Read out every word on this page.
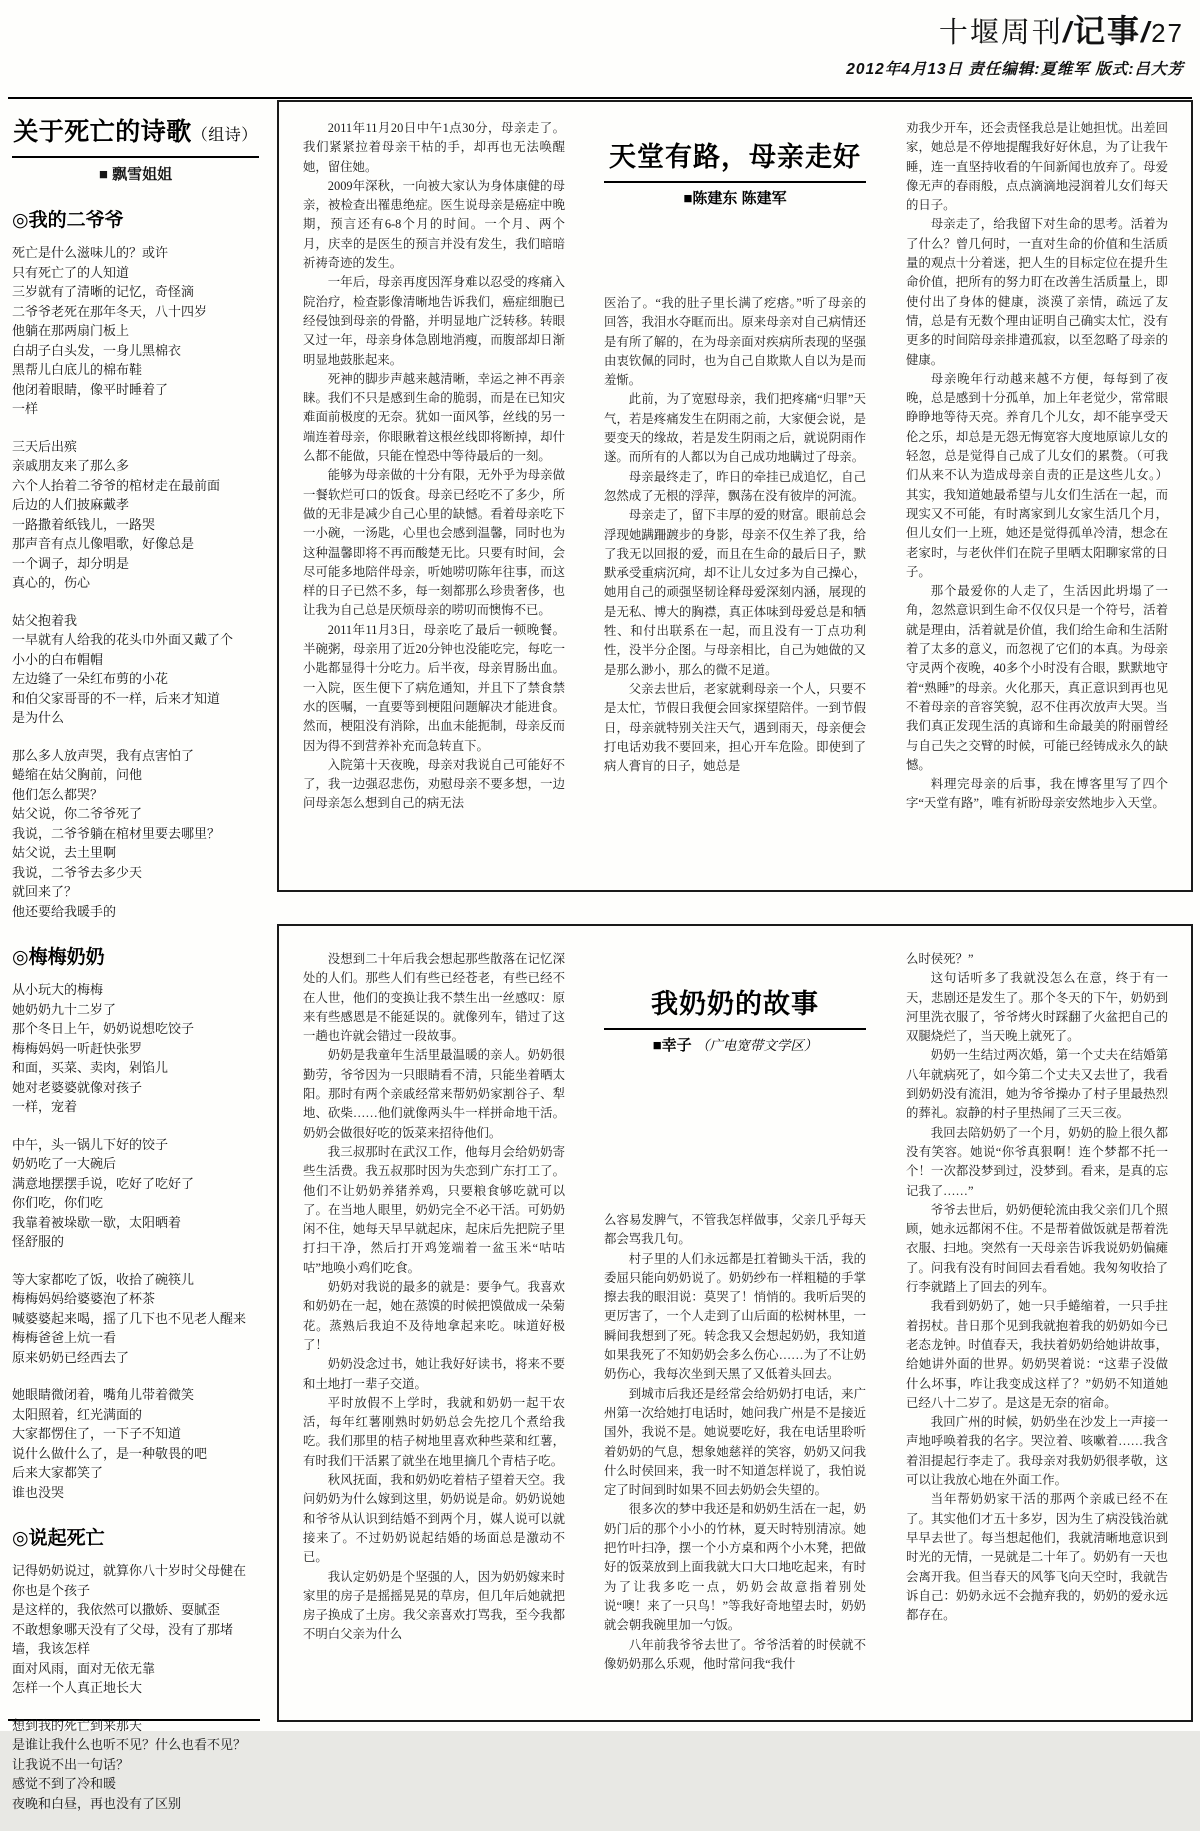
十堰周刊/记事/27
2012年4月13日 责任编辑:夏维军 版式:吕大芳
关于死亡的诗歌（组诗）
■ 飘雪姐姐
◎我的二爷爷
死亡是什么滋味儿的？或许
只有死亡了的人知道
三岁就有了清晰的记忆，奇怪滴
二爷爷老死在那年冬天，八十四岁
他躺在那两扇门板上
白胡子白头发，一身儿黑棉衣
黑帮儿白底儿的棉布鞋
他闭着眼睛，像平时睡着了
一样
三天后出殡
亲戚朋友来了那么多
六个人抬着二爷爷的棺材走在最前面
后边的人们披麻戴孝
一路撒着纸钱儿，一路哭
那声音有点儿像唱歌，好像总是
一个调子，却分明是
真心的，伤心
姑父抱着我
一早就有人给我的花头巾外面又戴了个
小小的白布帽帽
左边缝了一朵红布剪的小花
和伯父家哥哥的不一样，后来才知道
是为什么
那么多人放声哭，我有点害怕了
蜷缩在姑父胸前，问他
他们怎么都哭？
姑父说，你二爷爷死了
我说，二爷爷躺在棺材里要去哪里？
姑父说，去土里啊
我说，二爷爷去多少天
就回来了？
他还要给我暖手的
◎梅梅奶奶
从小玩大的梅梅
她奶奶九十二岁了
那个冬日上午，奶奶说想吃饺子
梅梅妈妈一听赶快张罗
和面，买菜、卖肉，剁馅儿
她对老婆婆就像对孩子
一样，宠着
中午，头一锅儿下好的饺子
奶奶吃了一大碗后
满意地摆摆手说，吃好了吃好了
你们吃，你们吃
我靠着被垛歇一歇，太阳晒着
怪舒服的
等大家都吃了饭，收拾了碗筷儿
梅梅妈妈给婆婆泡了杯茶
喊婆婆起来喝，摇了几下也不见老人醒来
梅梅爸爸上炕一看
原来奶奶已经西去了
她眼睛微闭着，嘴角儿带着微笑
太阳照着，红光满面的
大家都愣住了，一下子不知道
说什么做什么了，是一种敬畏的吧
后来大家都笑了
谁也没哭
◎说起死亡
记得奶奶说过，就算你八十岁时父母健在
你也是个孩子
是这样的，我依然可以撒娇、耍腻歪
不敢想象哪天没有了父母，没有了那堵
墙，我该怎样
面对风雨，面对无依无靠
怎样一个人真正地长大
想到我的死亡到来那天
是谁让我什么也听不见？什么也看不见？
让我说不出一句话？
感觉不到了冷和暖
夜晚和白昼，再也没有了区别

2011年11月20日中午1点30分，母亲走了。我们紧紧拉着母亲干枯的手，却再也无法唤醒她，留住她。

2009年深秋，一向被大家认为身体康健的母亲，被检查出罹患绝症。医生说母亲是癌症中晚期，预言还有6-8个月的时间。一个月、两个月，庆幸的是医生的预言并没有发生，我们暗暗祈祷奇迹的发生。

一年后，母亲再度因浑身难以忍受的疼痛入院治疗，检查影像清晰地告诉我们，癌症细胞已经侵蚀到母亲的骨骼，并明显地广泛转移。转眼又过一年，母亲身体急剧地消瘦，而腹部却日渐明显地鼓胀起来。

死神的脚步声越来越清晰，幸运之神不再亲睐。我们不只是感到生命的脆弱，而是在已知灾难面前极度的无奈。犹如一面风筝，丝线的另一端连着母亲，你眼瞅着这根丝线即将断掉，却什么都不能做，只能在惶恐中等待最后的一刻。

能够为母亲做的十分有限，无外乎为母亲做一餐软烂可口的饭食。母亲已经吃不了多少，所做的无非是减少自己心里的缺憾。看着母亲吃下一小碗，一汤匙，心里也会感到温馨，同时也为这种温馨即将不再而酸楚无比。只要有时间，会尽可能多地陪伴母亲，听她唠叨陈年往事，而这样的日子已然不多，每一刻都那么珍贵奢侈，也让我为自己总是厌烦母亲的唠叨而懊悔不已。

2011年11月3日，母亲吃了最后一顿晚餐。半碗粥，母亲用了近20分钟也没能吃完，每吃一小匙都显得十分吃力。后半夜，母亲胃肠出血。一入院，医生便下了病危通知，并且下了禁食禁水的医嘱，一直要等到梗阻问题解决才能进食。然而，梗阻没有消除，出血未能扼制，母亲反而因为得不到营养补充而急转直下。

入院第十天夜晚，母亲对我说自己可能好不了，我一边强忍悲伤，劝慰母亲不要多想，一边问母亲怎么想到自己的病无法

天堂有路，母亲走好
■陈建东 陈建军

医治了。“我的肚子里长满了疙瘩。”听了母亲的回答，我泪水夺眶而出。原来母亲对自己病情还是有所了解的，在为母亲面对疾病所表现的坚强由衷钦佩的同时，也为自己自欺欺人自以为是而羞惭。

此前，为了宽慰母亲，我们把疼痛“归罪”天气，若是疼痛发生在阴雨之前，大家便会说，是要变天的缘故，若是发生阴雨之后，就说阴雨作遂。而所有的人都以为自己成功地瞒过了母亲。

母亲最终走了，昨日的牵挂已成追忆，自己忽然成了无根的浮萍，飘荡在没有彼岸的河流。

母亲走了，留下丰厚的爱的财富。眼前总会浮现她蹒跚踱步的身影，母亲不仅生养了我，给了我无以回报的爱，而且在生命的最后日子，默默承受重病沉疴，却不让儿女过多为自己操心，她用自己的顽强坚韧诠释母爱深刻内涵，展现的是无私、博大的胸襟，真正体味到母爱总是和牺牲、和付出联系在一起，而且没有一丁点功利性，没半分企图。与母亲相比，自己为她做的又是那么渺小，那么的微不足道。

父亲去世后，老家就剩母亲一个人，只要不是太忙，节假日我便会回家探望陪伴。一到节假日，母亲就特别关注天气，遇到雨天，母亲便会打电话劝我不要回来，担心开车危险。即使到了病人膏肓的日子，她总是

劝我少开车，还会责怪我总是让她担忧。出差回家，她总是不停地提醒我好好休息，为了让我午睡，连一直坚持收看的午间新闻也放弃了。母爱像无声的春雨般，点点滴滴地浸润着儿女们每天的日子。

母亲走了，给我留下对生命的思考。活着为了什么？曾几何时，一直对生命的价值和生活质量的观点十分着迷，把人生的目标定位在提升生命价值，把所有的努力盯在改善生活质量上，即使付出了身体的健康，淡漠了亲情，疏远了友情，总是有无数个理由证明自己确实太忙，没有更多的时间陪母亲排遣孤寂，以至忽略了母亲的健康。

母亲晚年行动越来越不方便，每每到了夜晚，总是感到十分孤单，加上年老觉少，常常眼睁睁地等待天亮。养育几个儿女，却不能享受天伦之乐，却总是无怨无悔宽容大度地原谅儿女的轻忽，总是觉得自己成了儿女们的累赘。（可我们从来不认为造成母亲自责的正是这些儿女。）其实，我知道她最希望与儿女们生活在一起，而现实又不可能，有时离家到儿女家生活几个月，但儿女们一上班，她还是觉得孤单冷清，想念在老家时，与老伙伴们在院子里晒太阳聊家常的日子。

那个最爱你的人走了，生活因此坍塌了一角，忽然意识到生命不仅仅只是一个符号，活着就是理由，活着就是价值，我们给生命和生活附着了太多的意义，而忽视了它们的本真。为母亲守灵两个夜晚，40多个小时没有合眼，默默地守着“熟睡”的母亲。火化那天，真正意识到再也见不着母亲的音容笑貌，忍不住再次放声大哭。当我们真正发现生活的真谛和生命最美的附丽曾经与自己失之交臂的时候，可能已经铸成永久的缺憾。

料理完母亲的后事，我在博客里写了四个字“天堂有路”，唯有祈盼母亲安然地步入天堂。

没想到二十年后我会想起那些散落在记忆深处的人们。那些人们有些已经苍老，有些已经不在人世，他们的变换让我不禁生出一丝感叹：原来有些感恩是不能延误的。就像列车，错过了这一趟也许就会错过一段故事。

奶奶是我童年生活里最温暖的亲人。奶奶很勤劳，爷爷因为一只眼睛看不清，只能坐着晒太阳。那时有两个亲戚经常来帮奶奶家割谷子、犁地、砍柴……他们就像两头牛一样拼命地干活。奶奶会做很好吃的饭菜来招待他们。

我三叔那时在武汉工作，他每月会给奶奶寄些生活费。我五叔那时因为失恋到广东打工了。他们不让奶奶养猪养鸡，只要粮食够吃就可以了。在当地人眼里，奶奶完全不必干活。可奶奶闲不住，她每天早早就起床，起床后先把院子里打扫干净，然后打开鸡笼端着一盆玉米“咕咕咕”地唤小鸡们吃食。

奶奶对我说的最多的就是：要争气。我喜欢和奶奶在一起，她在蒸馍的时候把馍做成一朵菊花。蒸熟后我迫不及待地拿起来吃。味道好极了！

奶奶没念过书，她让我好好读书，将来不要和土地打一辈子交道。

平时放假不上学时，我就和奶奶一起干农活，每年红薯刚熟时奶奶总会先挖几个煮给我吃。我们那里的桔子树地里喜欢种些菜和红薯，有时我们干活累了就坐在地里摘几个青桔子吃。

秋风抚面，我和奶奶吃着桔子望着天空。我问奶奶为什么嫁到这里，奶奶说是命。奶奶说她和爷爷从认识到结婚不到两个月，媒人说可以就接来了。不过奶奶说起结婚的场面总是激动不已。

我认定奶奶是个坚强的人，因为奶奶嫁来时家里的房子是摇摇晃晃的草房，但几年后她就把房子换成了土房。我父亲喜欢打骂我，至今我都不明白父亲为什么

我奶奶的故事
■幸子 （广电宽带文学区）

么容易发脾气，不管我怎样做事，父亲几乎每天都会骂我几句。

村子里的人们永远都是扛着锄头干活，我的委屈只能向奶奶说了。奶奶纱布一样粗糙的手掌擦去我的眼泪说：莫哭了！悄悄的。我听后哭的更厉害了，一个人走到了山后面的松树林里，一瞬间我想到了死。转念我又会想起奶奶，我知道如果我死了不知奶奶会多么伤心……为了不让奶奶伤心，我每次坐到天黑了又低着头回去。

到城市后我还是经常会给奶奶打电话，来广州第一次给她打电话时，她问我广州是不是接近国外，我说不是。她说要吃好，我在电话里聆听着奶奶的气息，想象她慈祥的笑容，奶奶又问我什么时侯回来，我一时不知道怎样说了，我怕说定了时间到时如果不回去奶奶会失望的。

很多次的梦中我还是和奶奶生活在一起，奶奶门后的那个小小的竹林，夏天时特别清凉。她把竹叶扫净，摆一个小方桌和两个小木凳，把做好的饭菜放到上面我就大口大口地吃起来，有时为了让我多吃一点，奶奶会故意指着别处说“噢！来了一只鸟！”等我好奇地望去时，奶奶就会朝我碗里加一勺饭。

八年前我爷爷去世了。爷爷活着的时侯就不像奶奶那么乐观，他时常问我“我什

么时侯死？”

这句话听多了我就没怎么在意，终于有一天，悲剧还是发生了。那个冬天的下午，奶奶到河里洗衣服了，爷爷烤火时踩翻了火盆把自己的双腿烧烂了，当天晚上就死了。

奶奶一生结过两次婚，第一个丈夫在结婚第八年就病死了，如今第二个丈夫又去世了，我看到奶奶没有流泪，她为爷爷操办了村子里最热烈的葬礼。寂静的村子里热闹了三天三夜。

我回去陪奶奶了一个月，奶奶的脸上很久都没有笑容。她说“你爷真狠啊！连个梦都不托一个！一次都没梦到过，没梦到。看来，是真的忘记我了……”

爷爷去世后，奶奶便轮流由我父亲们几个照顾，她永远都闲不住。不是帮着做饭就是帮着洗衣服、扫地。突然有一天母亲告诉我说奶奶偏瘫了。问我有没有时间回去看看她。我匆匆收拾了行李就踏上了回去的列车。

我看到奶奶了，她一只手蜷缩着，一只手拄着拐杖。昔日那个见到我就抱着我的奶奶如今已老态龙钟。时值春天，我扶着奶奶给她讲故事，给她讲外面的世界。奶奶哭着说：“这辈子没做什么坏事，咋让我变成这样了？”奶奶不知道她已经八十二岁了。是这是无奈的宿命。

我回广州的时候，奶奶坐在沙发上一声接一声地呼唤着我的名字。哭泣着、咳嗽着……我含着泪提起行李走了。我母亲对我奶奶很孝敬，这可以让我放心地在外面工作。

当年帮奶奶家干活的那两个亲戚已经不在了。其实他们才五十多岁，因为生了病没钱治就早早去世了。每当想起他们，我就清晰地意识到时光的无情，一晃就是二十年了。奶奶有一天也会离开我。但当春天的风筝飞向天空时，我就告诉自己：奶奶永远不会抛弃我的，奶奶的爱永远都存在。
